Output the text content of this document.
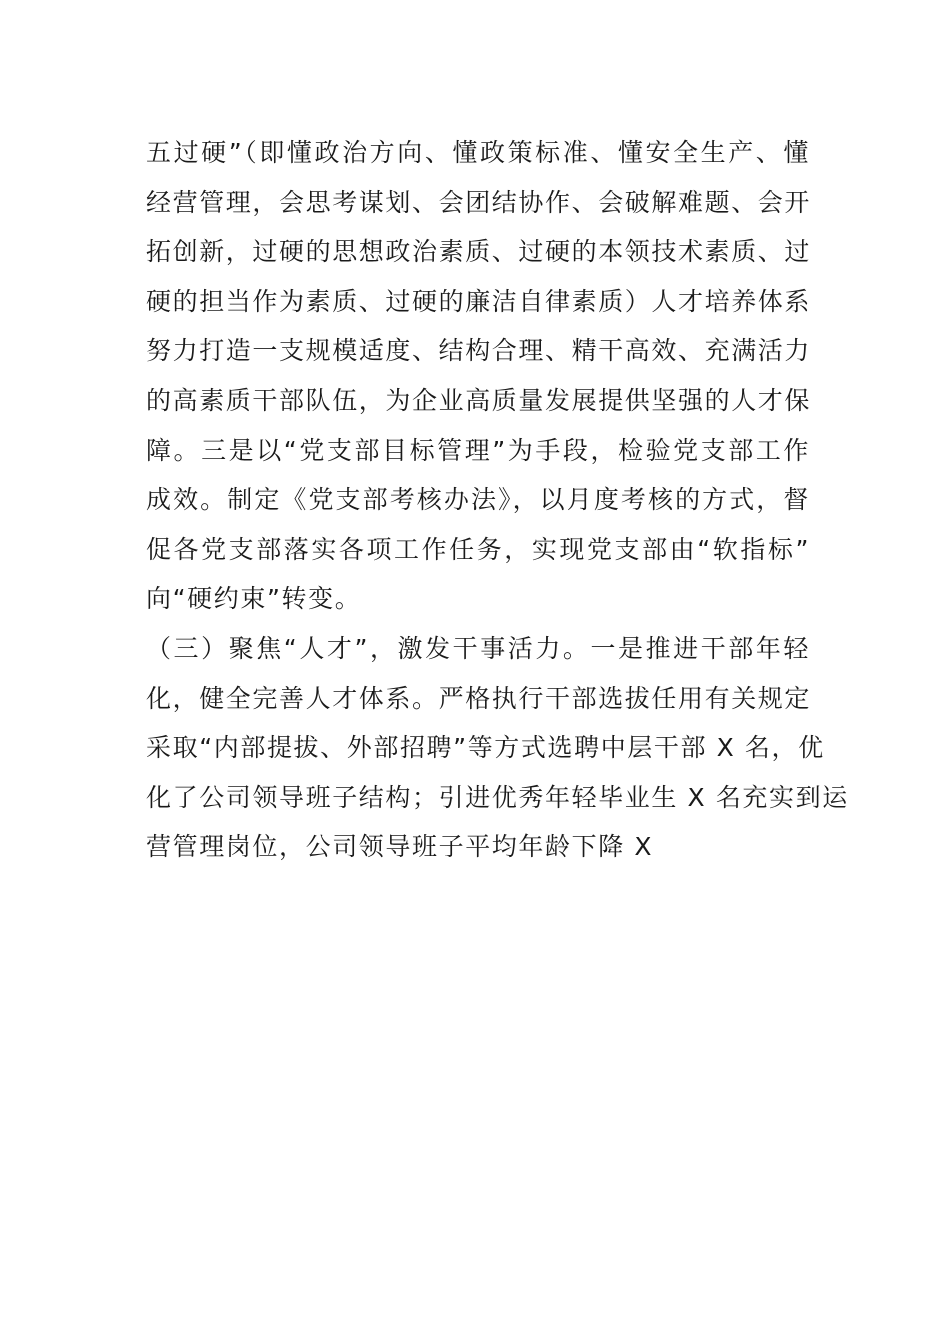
五过硬”（即懂政治方向、懂政策标准、懂安全生产、懂
经营管理，会思考谋划、会团结协作、会破解难题、会开
拓创新，过硬的思想政治素质、过硬的本领技术素质、过
硬的担当作为素质、过硬的廉洁自律素质）人才培养体系
努力打造一支规模适度、结构合理、精干高效、充满活力
的高素质干部队伍，为企业高质量发展提供坚强的人才保
障。三是以“党支部目标管理”为手段，检验党支部工作
成效。制定《党支部考核办法》，以月度考核的方式，督
促各党支部落实各项工作任务，实现党支部由“软指标”
向“硬约束”转变。
（三）聚焦“人才”，激发干事活力。一是推进干部年轻
化，健全完善人才体系。严格执行干部选拔任用有关规定
采取“内部提拔、外部招聘”等方式选聘中层干部 X 名，优
化了公司领导班子结构；引进优秀年轻毕业生 X 名充实到运
营管理岗位，公司领导班子平均年龄下降 X
